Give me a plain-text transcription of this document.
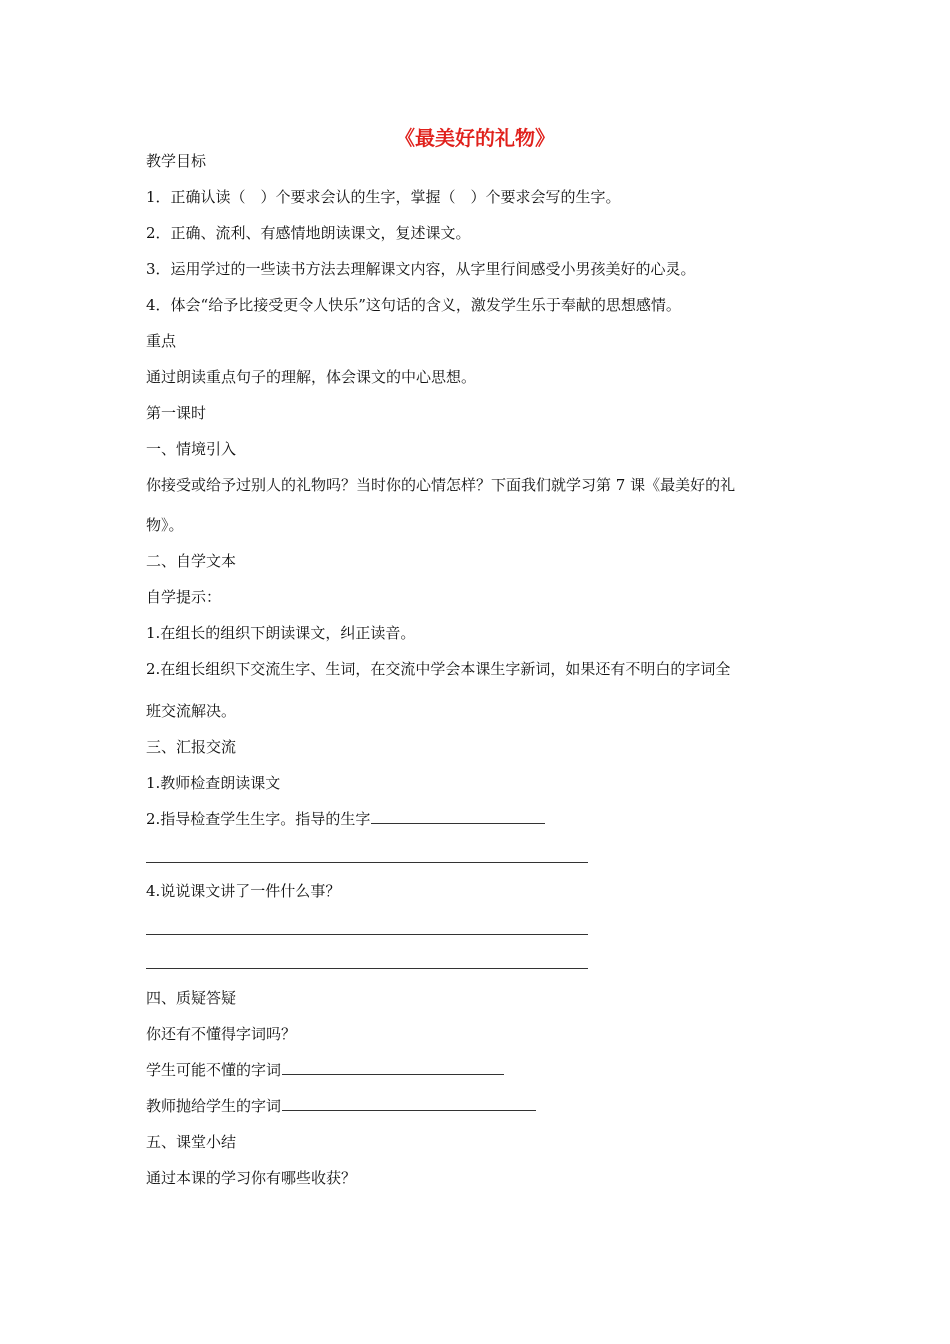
《最美好的礼物》
教学目标
1．正确认读（　）个要求会认的生字，掌握（　）个要求会写的生字。
2．正确、流利、有感情地朗读课文，复述课文。
3．运用学过的一些读书方法去理解课文内容，从字里行间感受小男孩美好的心灵。
4．体会“给予比接受更令人快乐”这句话的含义，激发学生乐于奉献的思想感情。
重点
通过朗读重点句子的理解，体会课文的中心思想。
第一课时
一、情境引入
你接受或给予过别人的礼物吗？当时你的心情怎样？下面我们就学习第 7 课《最美好的礼
物》。
二、自学文本
自学提示：
1.在组长的组织下朗读课文，纠正读音。
2.在组长组织下交流生字、生词，在交流中学会本课生字新词，如果还有不明白的字词全
班交流解决。
三、汇报交流
1.教师检查朗读课文
2.指导检查学生生字。指导的生字
4.说说课文讲了一件什么事？
四、质疑答疑
你还有不懂得字词吗？
学生可能不懂的字词
教师抛给学生的字词
五、课堂小结
通过本课的学习你有哪些收获？
